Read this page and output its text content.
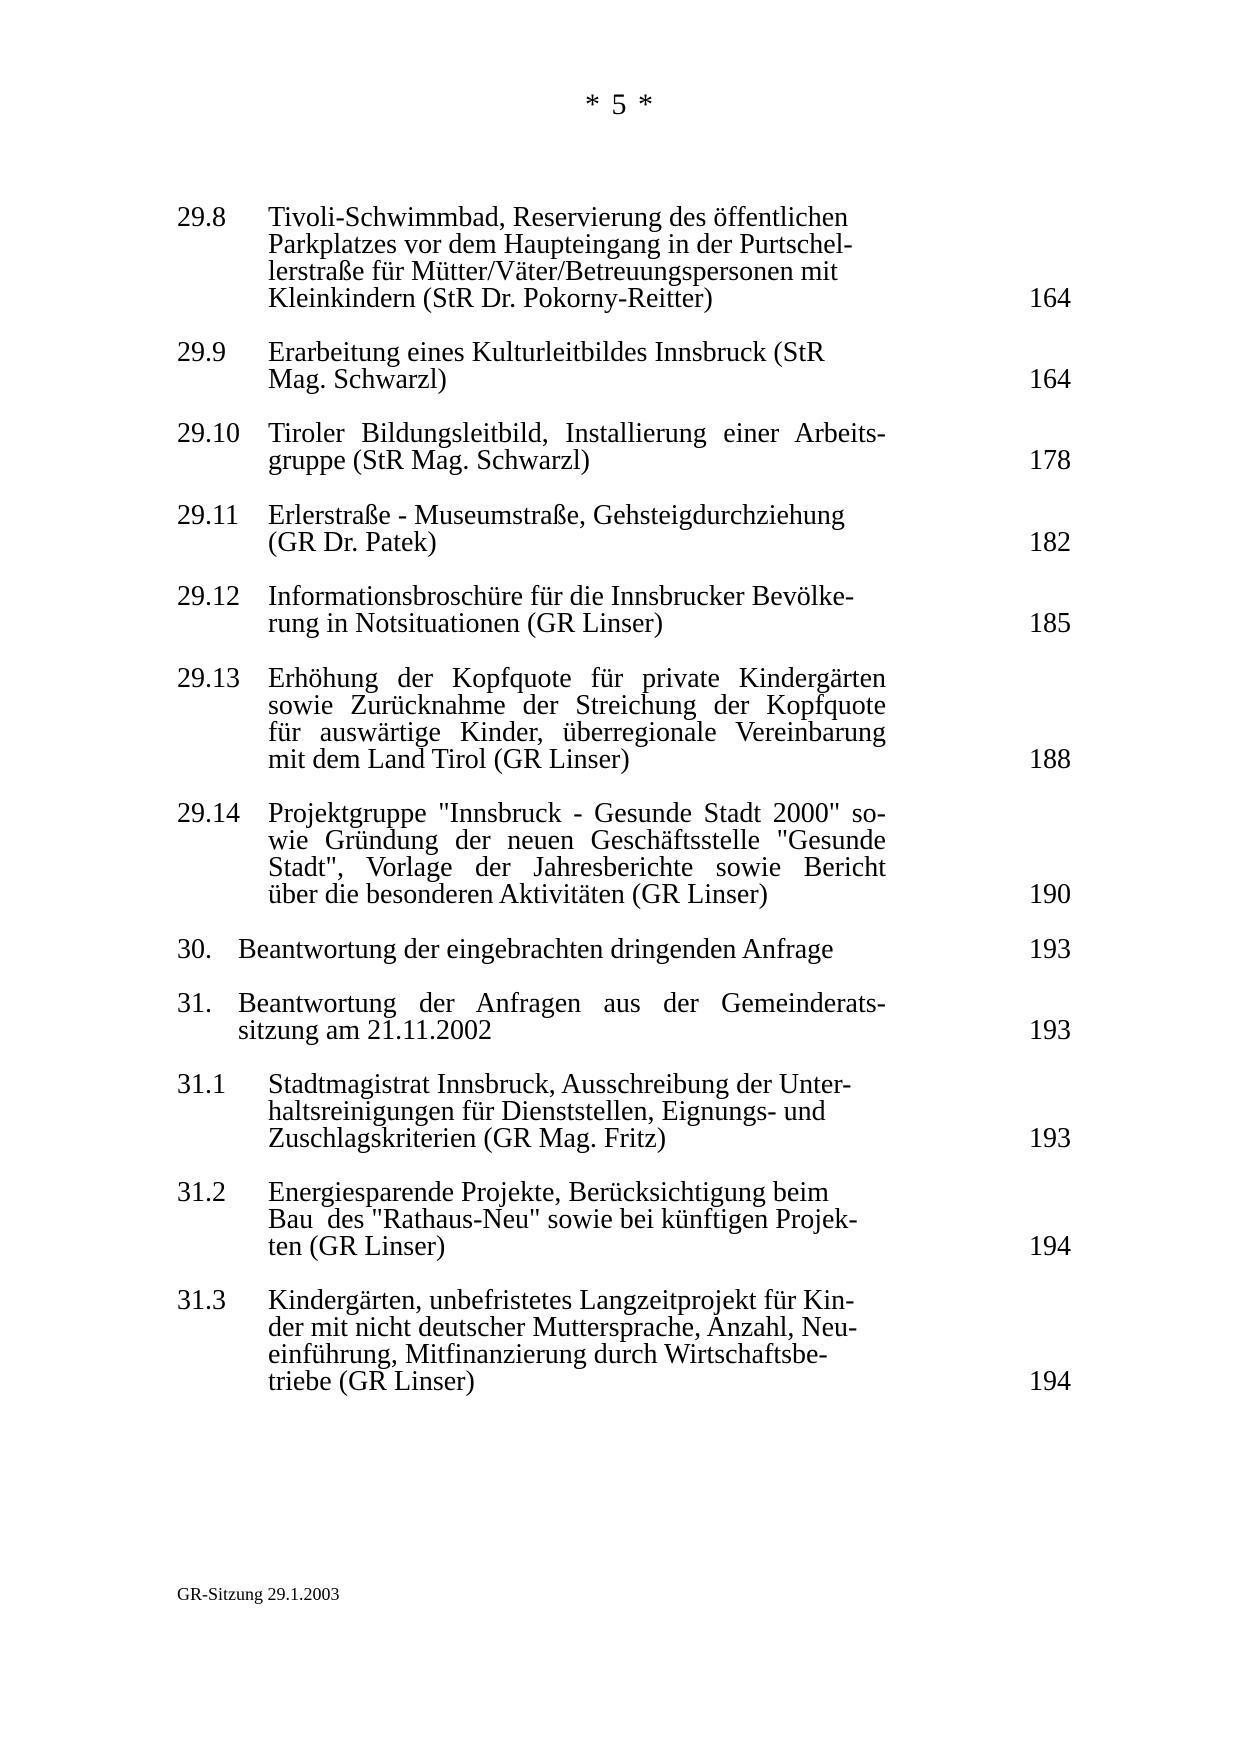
* 5 *
29.8 Tivoli-Schwimmbad, Reservierung des öffentlichen
Parkplatzes vor dem Haupteingang in der Purtschel-
lerstraße für Mütter/Väter/Betreuungspersonen mit
Kleinkindern (StR Dr. Pokorny-Reitter)	164
29.9 Erarbeitung eines Kulturleitbildes Innsbruck (StR
Mag. Schwarzl)	164
29.10 Tiroler Bildungsleitbild, Installierung einer Arbeits-
gruppe (StR Mag. Schwarzl)	178
29.11 Erlerstraße - Museumstraße, Gehsteigdurchziehung
(GR Dr. Patek)	182
29.12 Informationsbroschüre für die Innsbrucker Bevölke-
rung in Notsituationen (GR Linser)	185
29.13 Erhöhung der Kopfquote für private Kindergärten
sowie Zurücknahme der Streichung der Kopfquote
für auswärtige Kinder, überregionale Vereinbarung
mit dem Land Tirol (GR Linser)	188
29.14 Projektgruppe "Innsbruck - Gesunde Stadt 2000" so-
wie Gründung der neuen Geschäftsstelle "Gesunde
Stadt", Vorlage der Jahresberichte sowie Bericht
über die besonderen Aktivitäten (GR Linser)	190
30. Beantwortung der eingebrachten dringenden Anfrage	193
31. Beantwortung der Anfragen aus der Gemeinderats-
sitzung am 21.11.2002	193
31.1 Stadtmagistrat Innsbruck, Ausschreibung der Unter-
haltsreinigungen für Dienststellen, Eignungs- und
Zuschlagskriterien (GR Mag. Fritz)	193
31.2 Energiesparende Projekte, Berücksichtigung beim
Bau  des "Rathaus-Neu" sowie bei künftigen Projek-
ten (GR Linser)	194
31.3 Kindergärten, unbefristetes Langzeitprojekt für Kin-
der mit nicht deutscher Muttersprache, Anzahl, Neu-
einführung, Mitfinanzierung durch Wirtschaftsbe-
triebe (GR Linser)	194
GR-Sitzung 29.1.2003
